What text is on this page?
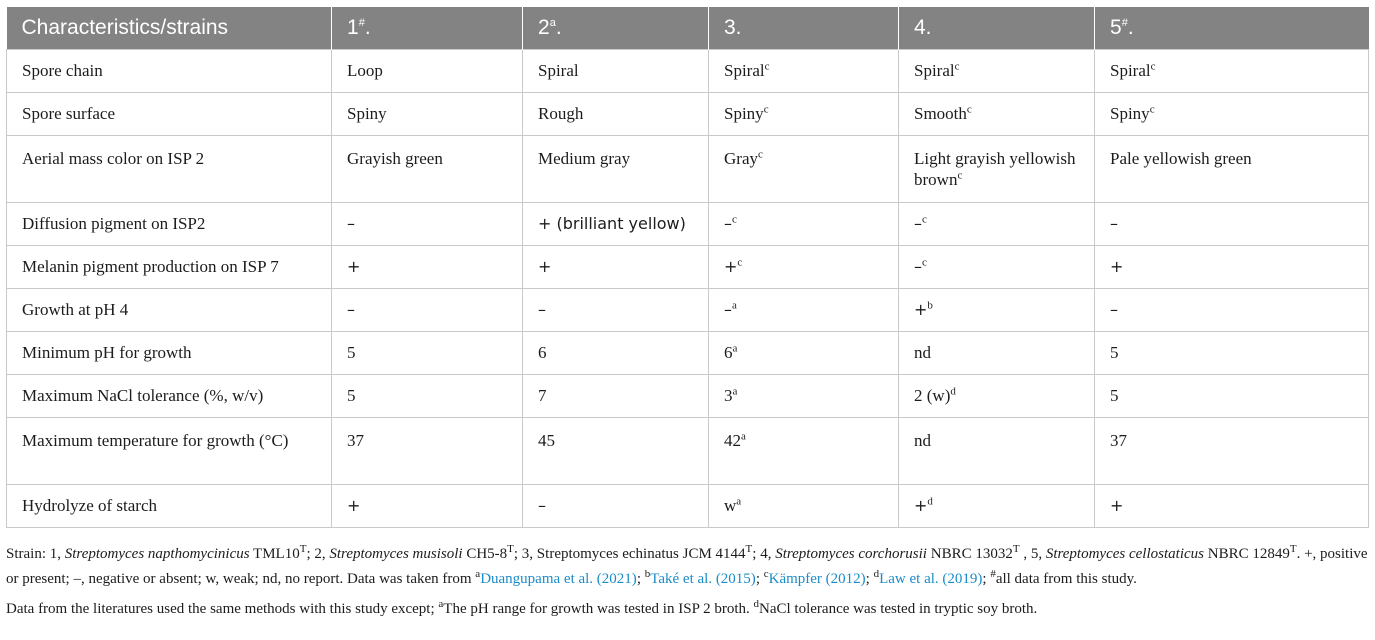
Characteristics/strains	1#.	2$^a$.	3.	4.	5#.
Spore chain	Loop	Spiral	Spiral$^c$	Spiral$^c$	Spiral$^c$
Spore surface	Spiny	Rough	Spiny$^c$	Smooth$^c$	Spiny$^c$
Aerial mass color on ISP 2	Grayish green	Medium gray	Gray$^c$	Light grayish yellowish brown$^c$	Pale yellowish green
Diffusion pigment on ISP2	–	+ (brilliant yellow)	–$^c$	–$^c$	–
Melanin pigment production on ISP 7	+	+	+$^c$	–$^c$	+
Growth at pH 4	–	–	–$^a$	+$^b$	–
Minimum pH for growth	5	6	6$^a$	nd	5
Maximum NaCl tolerance (%, w/v)	5	7	3$^a$	2 $(w)^d$	5
Maximum temperature for growth (°C)	37	45	42$^a$	nd	37
Hydrolyze of starch	+	–	$w^a$	+$^d$	+

Strain: 1, Streptomyces napthomycinicus $TML10^T$; 2, Streptomyces musisoli $CH5-8^T$; 3, Streptomyces echinatus JCM $4144^T$; 4, Streptomyces corchorusii NBRC $13032^T$ , 5, Streptomyces cellostaticus NBRC $12849^T$. +, positive or present; –, negative or absent; w, weak; nd, no report. Data was taken from $^a$Duangupama et al. (2021); $^b$Také et al. (2015); $^c$Kämpfer (2012); $^d$Law et al. (2019); #all data from this study.

Data from the literatures used the same methods with this study except; $^a$The pH range for growth was tested in ISP 2 broth. $^d$NaCl tolerance was tested in tryptic soy broth.
